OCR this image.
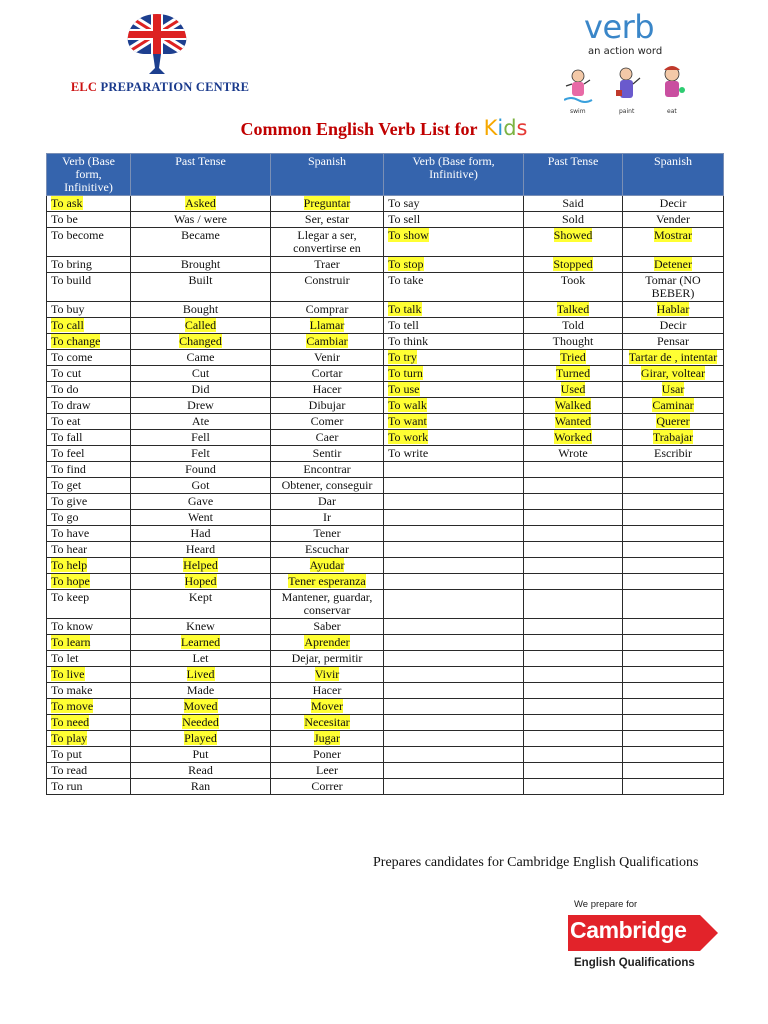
ELC PREPARATION CENTRE
verb
an action word
swim	paint	eat
Common English Verb List for Kids
Verb (Base form, Infinitive)	Past Tense	Spanish	Verb (Base form, Infinitive)	Past Tense	Spanish
To ask	Asked	Preguntar	To say	Said	Decir
To be	Was / were	Ser, estar	To sell	Sold	Vender
To become	Became	Llegar a ser, convertirse en	To show	Showed	Mostrar
To bring	Brought	Traer	To stop	Stopped	Detener
To build	Built	Construir	To take	Took	Tomar (NO BEBER)
To buy	Bought	Comprar	To talk	Talked	Hablar
To call	Called	Llamar	To tell	Told	Decir
To change	Changed	Cambiar	To think	Thought	Pensar
To come	Came	Venir	To try	Tried	Tartar de , intentar
To cut	Cut	Cortar	To turn	Turned	Girar, voltear
To do	Did	Hacer	To use	Used	Usar
To draw	Drew	Dibujar	To walk	Walked	Caminar
To eat	Ate	Comer	To want	Wanted	Querer
To fall	Fell	Caer	To work	Worked	Trabajar
To feel	Felt	Sentir	To write	Wrote	Escribir
To find	Found	Encontrar			
To get	Got	Obtener, conseguir			
To give	Gave	Dar			
To go	Went	Ir			
To have	Had	Tener			
To hear	Heard	Escuchar			
To help	Helped	Ayudar			
To hope	Hoped	Tener esperanza			
To keep	Kept	Mantener, guardar, conservar			
To know	Knew	Saber			
To learn	Learned	Aprender			
To let	Let	Dejar, permitir			
To live	Lived	Vivir			
To make	Made	Hacer			
To move	Moved	Mover			
To need	Needed	Necesitar			
To play	Played	Jugar			
To put	Put	Poner			
To read	Read	Leer			
To run	Ran	Correr			
Prepares candidates for Cambridge English Qualifications
We prepare for
Cambridge
English Qualifications
